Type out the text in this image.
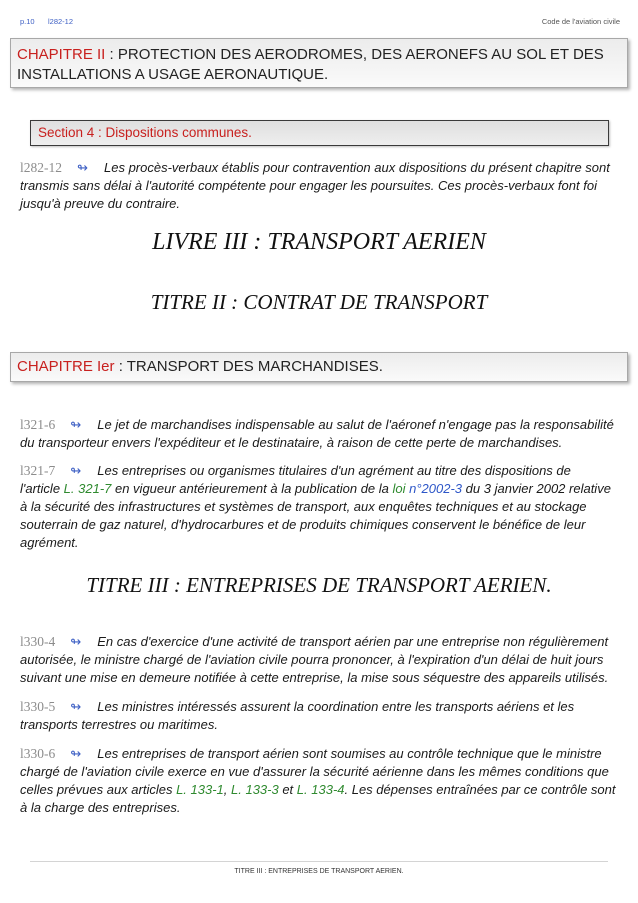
p.10 l282-12	Code de l'aviation civile
CHAPITRE II : PROTECTION DES AERODROMES, DES AERONEFS AU SOL ET DES INSTALLATIONS A USAGE AERONAUTIQUE.
Section 4 : Dispositions communes.
l282-12 ↬	Les procès-verbaux établis pour contravention aux dispositions du présent chapitre sont
transmis sans délai à l'autorité compétente pour engager les poursuites. Ces procès-verbaux font foi
jusqu'à preuve du contraire.
LIVRE III : TRANSPORT AERIEN
TITRE II : CONTRAT DE TRANSPORT
CHAPITRE Ier : TRANSPORT DES MARCHANDISES.
l321-6 ↬	Le jet de marchandises indispensable au salut de l'aéronef n'engage pas la responsabilité
du transporteur envers l'expéditeur et le destinataire, à raison de cette perte de marchandises.
l321-7 ↬	Les entreprises ou organismes titulaires d'un agrément au titre des dispositions de
l'article L. 321-7 en vigueur antérieurement à la publication de la loi n°2002-3 du 3 janvier 2002 relative
à la sécurité des infrastructures et systèmes de transport, aux enquêtes techniques et au stockage
souterrain de gaz naturel, d'hydrocarbures et de produits chimiques conservent le bénéfice de leur
agrément.
TITRE III : ENTREPRISES DE TRANSPORT AERIEN.
l330-4 ↬	En cas d'exercice d'une activité de transport aérien par une entreprise non régulièrement
autorisée, le ministre chargé de l'aviation civile pourra prononcer, à l'expiration d'un délai de huit jours
suivant une mise en demeure notifiée à cette entreprise, la mise sous séquestre des appareils utilisés.
l330-5 ↬	Les ministres intéressés assurent la coordination entre les transports aériens et les
transports terrestres ou maritimes.
l330-6 ↬	Les entreprises de transport aérien sont soumises au contrôle technique que le ministre
chargé de l'aviation civile exerce en vue d'assurer la sécurité aérienne dans les mêmes conditions que
celles prévues aux articles L. 133-1, L. 133-3 et L. 133-4. Les dépenses entraînées par ce contrôle sont
à la charge des entreprises.
TITRE III : ENTREPRISES DE TRANSPORT AERIEN.
